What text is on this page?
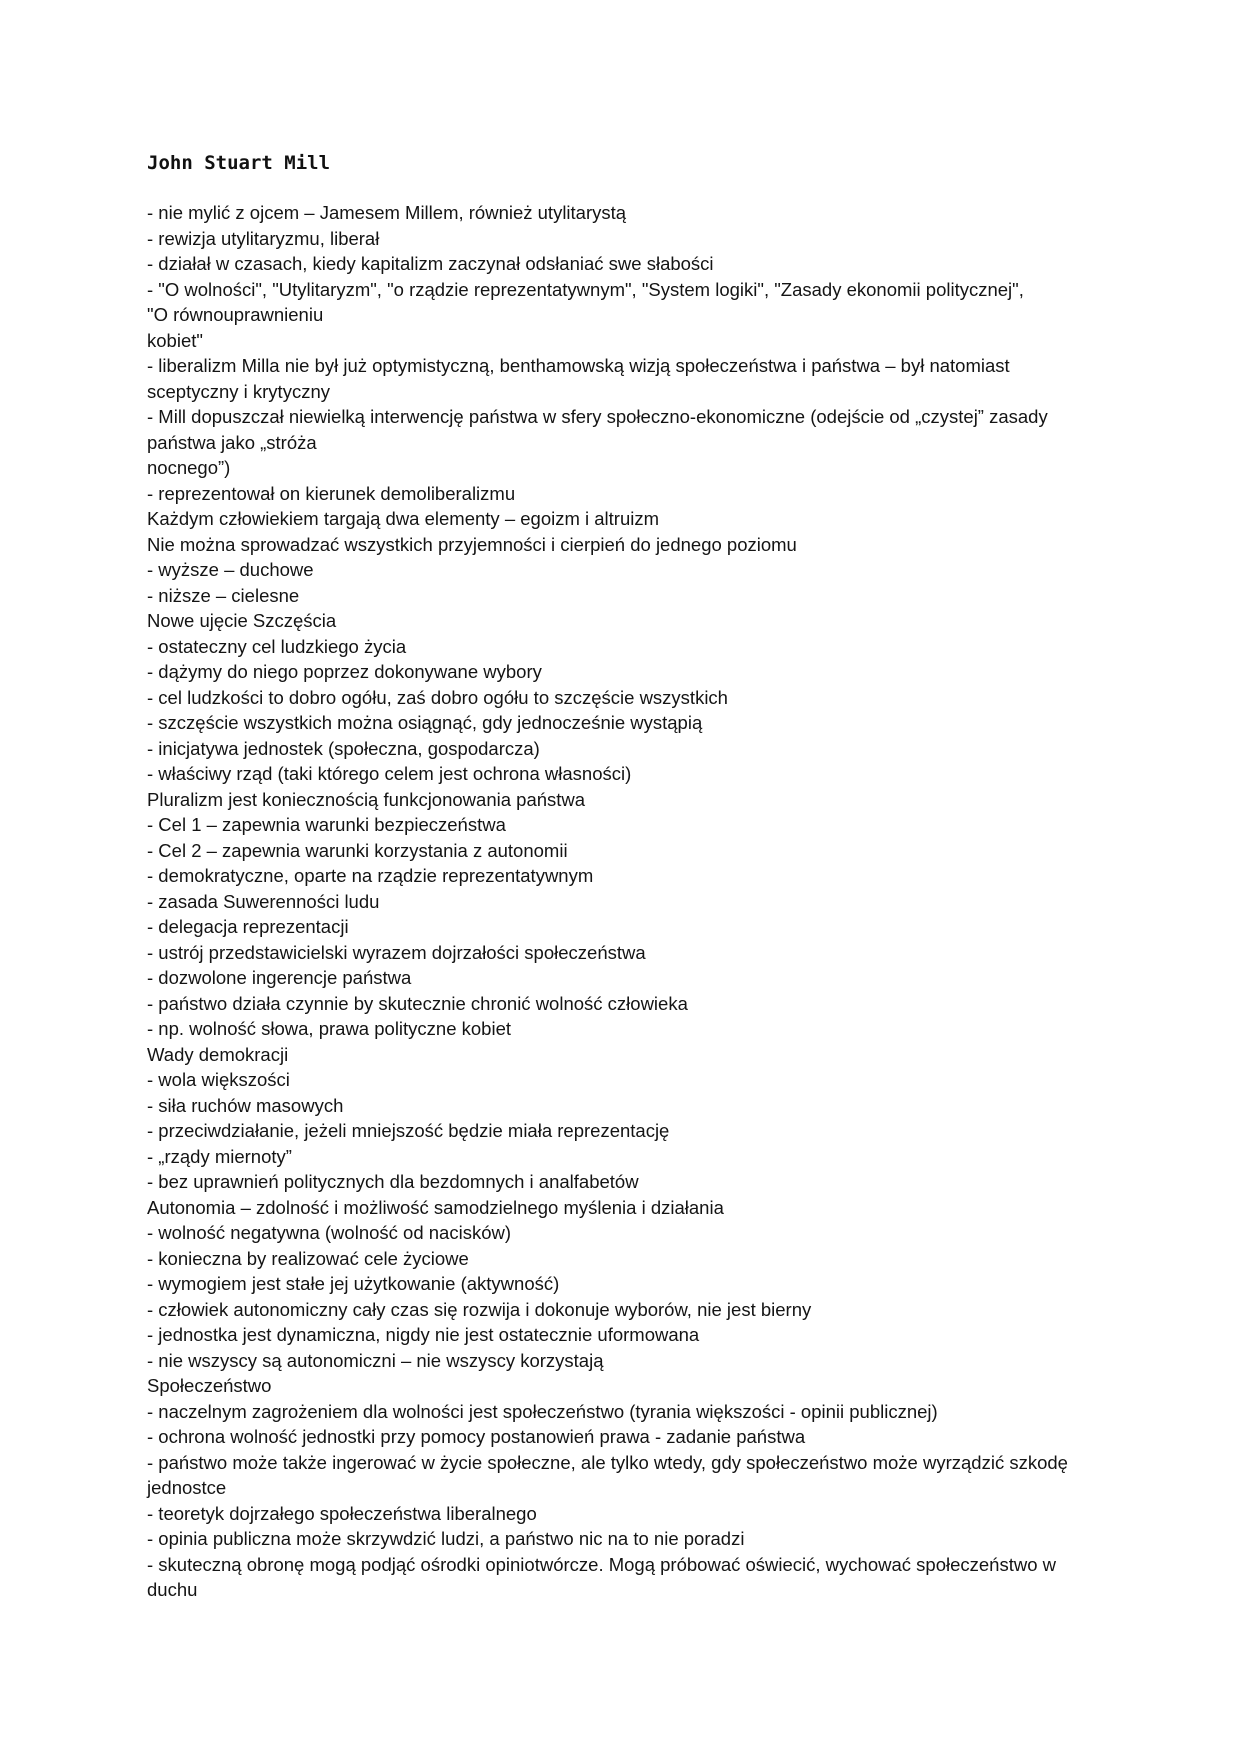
John Stuart Mill
- nie mylić z ojcem – Jamesem Millem, również utylitarystą
- rewizja utylitaryzmu, liberał
- działał w czasach, kiedy kapitalizm zaczynał odsłaniać swe słabości
- "O wolności", "Utylitaryzm", "o rządzie reprezentatywnym", "System logiki", "Zasady ekonomii politycznej",
"O równouprawnieniu
kobiet"
- liberalizm Milla nie był już optymistyczną, benthamowską wizją społeczeństwa i państwa – był natomiast
sceptyczny i krytyczny
- Mill dopuszczał niewielką interwencję państwa w sfery społeczno-ekonomiczne (odejście od „czystej” zasady
państwa jako „stróża
nocnego”)
- reprezentował on kierunek demoliberalizmu
Każdym człowiekiem targają dwa elementy – egoizm i altruizm
Nie można sprowadzać wszystkich przyjemności i cierpień do jednego poziomu
- wyższe – duchowe
- niższe – cielesne
Nowe ujęcie Szczęścia
- ostateczny cel ludzkiego życia
- dążymy do niego poprzez dokonywane wybory
- cel ludzkości to dobro ogółu, zaś dobro ogółu to szczęście wszystkich
- szczęście wszystkich można osiągnąć, gdy jednocześnie wystąpią
- inicjatywa jednostek (społeczna, gospodarcza)
- właściwy rząd (taki którego celem jest ochrona własności)
Pluralizm jest koniecznością funkcjonowania państwa
- Cel 1 – zapewnia warunki bezpieczeństwa
- Cel 2 – zapewnia warunki korzystania z autonomii
- demokratyczne, oparte na rządzie reprezentatywnym
- zasada Suwerenności ludu
- delegacja reprezentacji
- ustrój przedstawicielski wyrazem dojrzałości społeczeństwa
- dozwolone ingerencje państwa
- państwo działa czynnie by skutecznie chronić wolność człowieka
- np. wolność słowa, prawa polityczne kobiet
Wady demokracji
- wola większości
- siła ruchów masowych
- przeciwdziałanie, jeżeli mniejszość będzie miała reprezentację
- „rządy miernoty”
- bez uprawnień politycznych dla bezdomnych i analfabetów
Autonomia – zdolność i możliwość samodzielnego myślenia i działania
- wolność negatywna (wolność od nacisków)
- konieczna by realizować cele życiowe
- wymogiem jest stałe jej użytkowanie (aktywność)
- człowiek autonomiczny cały czas się rozwija i dokonuje wyborów, nie jest bierny
- jednostka jest dynamiczna, nigdy nie jest ostatecznie uformowana
- nie wszyscy są autonomiczni – nie wszyscy korzystają
Społeczeństwo
- naczelnym zagrożeniem dla wolności jest społeczeństwo (tyrania większości - opinii publicznej)
- ochrona wolność jednostki przy pomocy postanowień prawa - zadanie państwa
- państwo może także ingerować w życie społeczne, ale tylko wtedy, gdy społeczeństwo może wyrządzić szkodę
jednostce
- teoretyk dojrzałego społeczeństwa liberalnego
- opinia publiczna może skrzywdzić ludzi, a państwo nic na to nie poradzi
- skuteczną obronę mogą podjąć ośrodki opiniotwórcze. Mogą próbować oświecić, wychować społeczeństwo w
duchu
